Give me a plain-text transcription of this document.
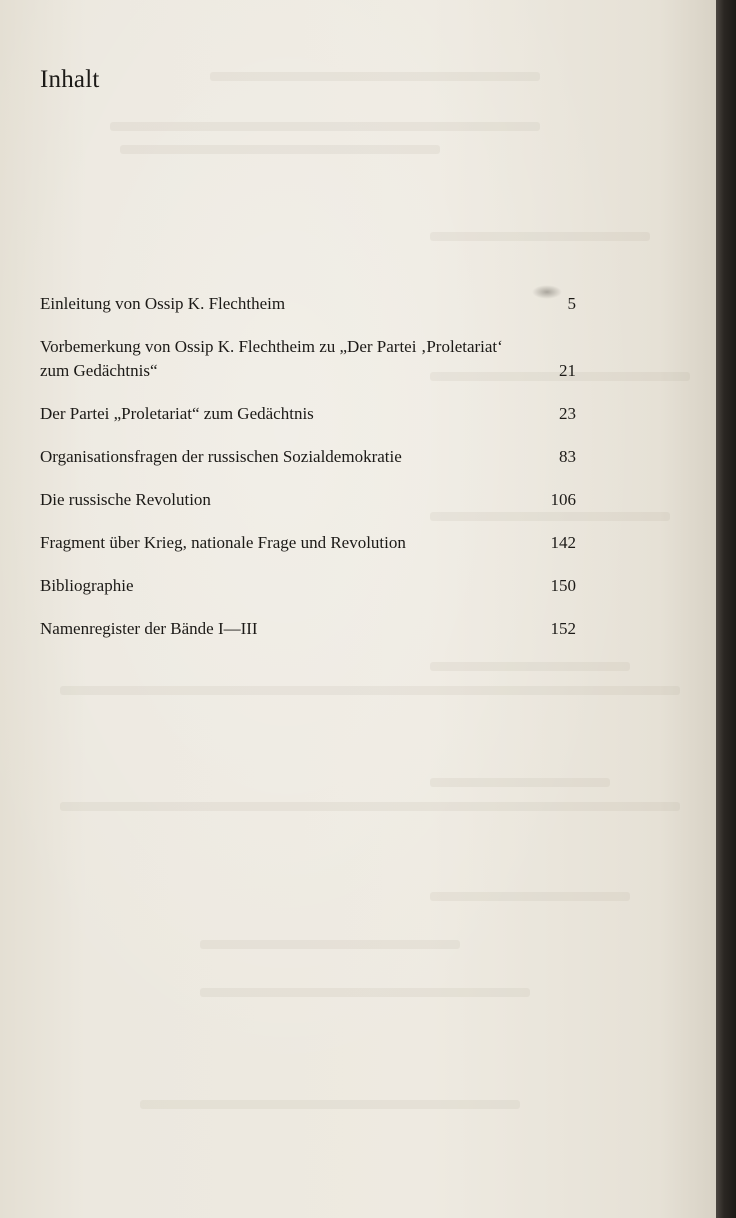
Inhalt
Einleitung von Ossip K. Flechtheim	5
Vorbemerkung von Ossip K. Flechtheim zu „Der Partei ‚Proletariat‘ zum Gedächtnis“	21
Der Partei „Proletariat“ zum Gedächtnis	23
Organisationsfragen der russischen Sozialdemokratie	83
Die russische Revolution	106
Fragment über Krieg, nationale Frage und Revolution	142
Bibliographie	150
Namenregister der Bände I—III	152
